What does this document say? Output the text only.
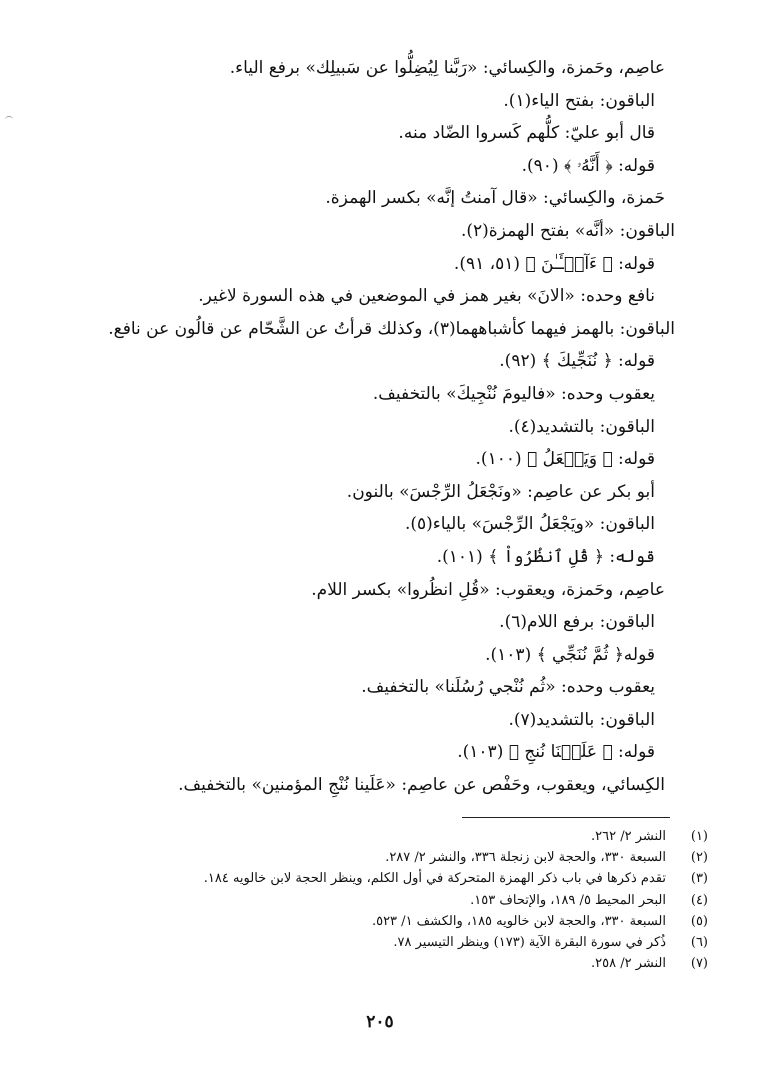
عاصِم، وحَمزة، والكِسائي: «رَبَّنا لِيُضِلُّوا عن سَبيلِك» برفع الياء.
الباقون: بفتح الياء(١).
قال أبو عليّ: كلُّهم كَسروا الضّاد منه.
قوله: ﴿ أَنَّهُۥ ﴾ (٩٠).
حَمزة، والكِسائي: «قال آمنتُ إنَّه» بكسر الهمزة.
الباقون: «أنَّه» بفتح الهمزة(٢).
قوله: ﴿ ءَآلۡـَٔـٰنَ ﴾ (٥١، ٩١).
نافع وحده: «الانَ» بغير همز في الموضعين في هذه السورة لاغير.
الباقون: بالهمز فيهما كأشباههما(٣)، وكذلك قرأتُ عن الشَّحّام عن قالُون عن نافع.
قوله: ﴿ نُنَجِّيكَ ﴾ (٩٢).
يعقوب وحده: «فاليومَ نُنْجِيكَ» بالتخفيف.
الباقون: بالتشديد(٤).
قوله: ﴿ وَيَجۡعَلُ ﴾ (١٠٠).
أبو بكر عن عاصِم: «ونَجْعَلُ الرِّجْسَ» بالنون.
الباقون: «ويَجْعَلُ الرِّجْسَ» بالياء(٥).
قوله: ﴿ قُلِ ٱنظُرُواْ ﴾ (١٠١).
عاصِم، وحَمزة، ويعقوب: «قُلِ انظُروا» بكسر اللام.
الباقون: برفع اللام(٦).
قوله﴿ ثُمَّ نُنَجِّي ﴾ (١٠٣).
يعقوب وحده: «ثُم نُنْجي رُسُلَنا» بالتخفيف.
الباقون: بالتشديد(٧).
قوله: ﴿ عَلَيۡنَا نُنجِ ﴾ (١٠٣).
الكِسائي، ويعقوب، وحَفْص عن عاصِم: «عَلَينا نُنْجِ المؤمنين» بالتخفيف.
(١)
النشر ٢/ ٢٦٢.
(٢)
السبعة ٣٣٠، والحجة لابن زنجلة ٣٣٦، والنشر ٢/ ٢٨٧.
(٣)
تقدم ذكرها في باب ذكر الهمزة المتحركة في أول الكلم، وينظر الحجة لابن خالويه ١٨٤.
(٤)
البحر المحيط ٥/ ١٨٩، والإتحاف ١٥٣.
(٥)
السبعة ٣٣٠، والحجة لابن خالويه ١٨٥، والكشف ١/ ٥٢٣.
(٦)
ذُكر في سورة البقرة الآية (١٧٣) وينظر التيسير ٧٨.
(٧)
النشر ٢/ ٢٥٨.
٢٠٥
